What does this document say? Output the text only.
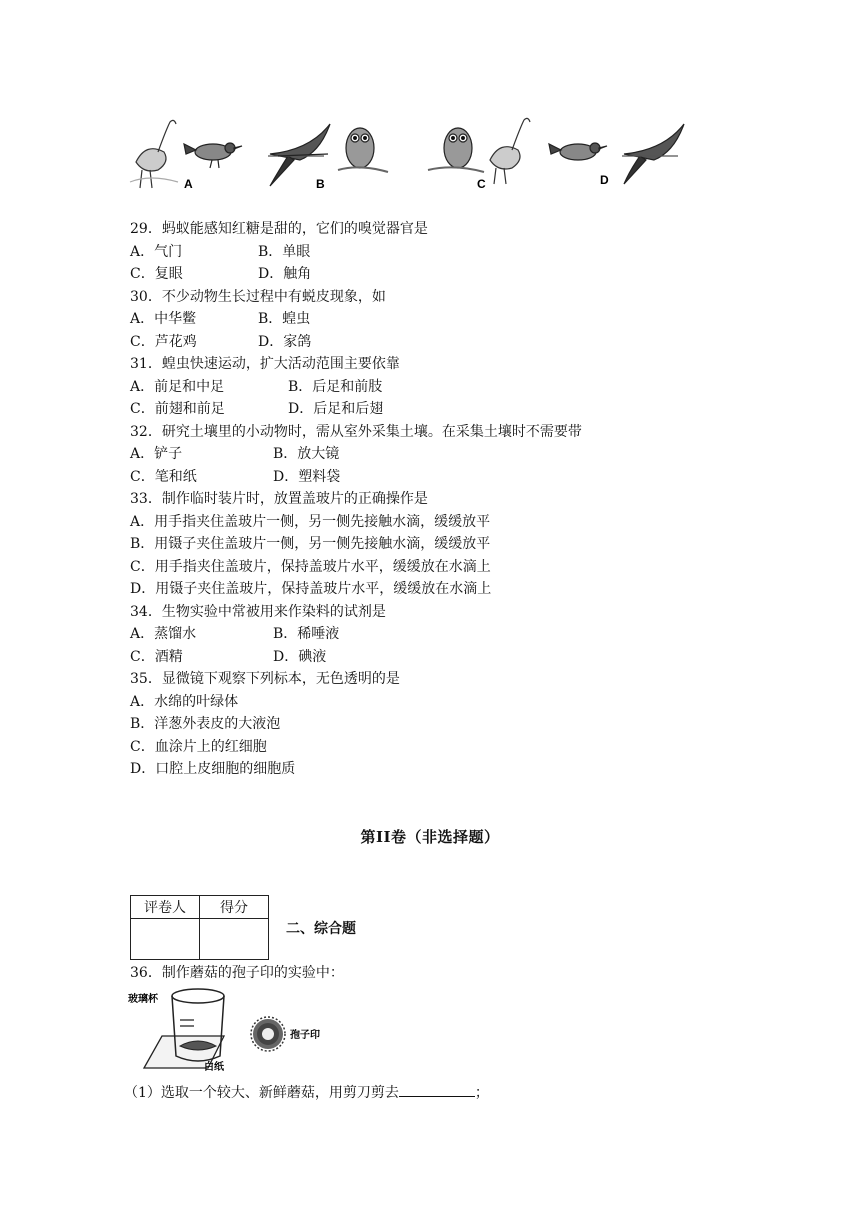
A	B	C	D
29．蚂蚁能感知红糖是甜的，它们的嗅觉器官是
A．气门	B．单眼
C．复眼	D．触角
30．不少动物生长过程中有蜕皮现象，如
A．中华鳖	B．蝗虫
C．芦花鸡	D．家鸽
31．蝗虫快速运动，扩大活动范围主要依靠
A．前足和中足	B．后足和前肢
C．前翅和前足	D．后足和后翅
32．研究土壤里的小动物时，需从室外采集土壤。在采集土壤时不需要带
A．铲子	B．放大镜
C．笔和纸	D．塑料袋
33．制作临时装片时，放置盖玻片的正确操作是
A．用手指夹住盖玻片一侧，另一侧先接触水滴，缓缓放平
B．用镊子夹住盖玻片一侧，另一侧先接触水滴，缓缓放平
C．用手指夹住盖玻片，保持盖玻片水平，缓缓放在水滴上
D．用镊子夹住盖玻片，保持盖玻片水平，缓缓放在水滴上
34．生物实验中常被用来作染料的试剂是
A．蒸馏水	B．稀唾液
C．酒精	D．碘液
35．显微镜下观察下列标本，无色透明的是
A．水绵的叶绿体
B．洋葱外表皮的大液泡
C．血涂片上的红细胞
D．口腔上皮细胞的细胞质
第II卷（非选择题）
评卷人	得分

二、综合题
36．制作蘑菇的孢子印的实验中：
玻璃杯
白纸
孢子印
（1）选取一个较大、新鲜蘑菇，用剪刀剪去	；
